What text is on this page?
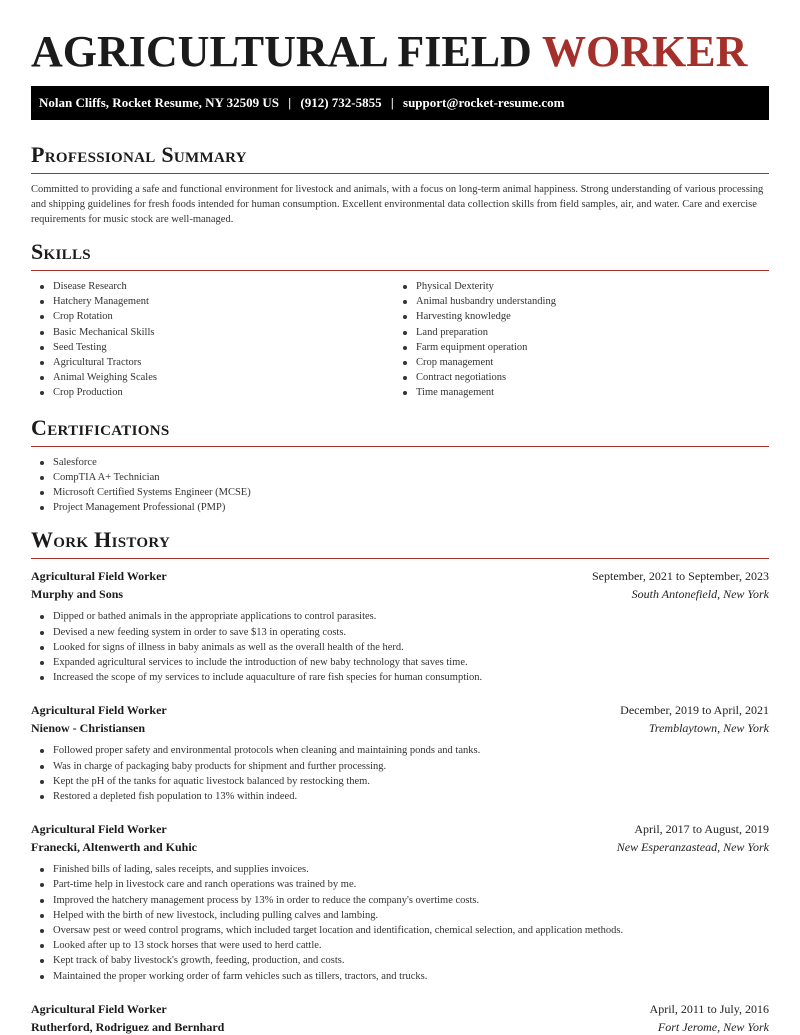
AGRICULTURAL FIELD WORKER
Nolan Cliffs, Rocket Resume, NY 32509 US | (912) 732-5855 | support@rocket-resume.com
Professional Summary

Committed to providing a safe and functional environment for livestock and animals, with a focus on long-term animal happiness. Strong understanding of various processing and shipping guidelines for fresh foods intended for human consumption. Excellent environmental data collection skills from field samples, air, and water. Care and exercise requirements for music stock are well-managed.

Skills
Disease Research
Hatchery Management
Crop Rotation
Basic Mechanical Skills
Seed Testing
Agricultural Tractors
Animal Weighing Scales
Crop Production
Physical Dexterity
Animal husbandry understanding
Harvesting knowledge
Land preparation
Farm equipment operation
Crop management
Contract negotiations
Time management
Certifications
Salesforce
CompTIA A+ Technician
Microsoft Certified Systems Engineer (MCSE)
Project Management Professional (PMP)
Work History
Agricultural Field Worker	September, 2021 to September, 2023
Murphy and Sons	South Antonefield, New York
Dipped or bathed animals in the appropriate applications to control parasites.
Devised a new feeding system in order to save $13 in operating costs.
Looked for signs of illness in baby animals as well as the overall health of the herd.
Expanded agricultural services to include the introduction of new baby technology that saves time.
Increased the scope of my services to include aquaculture of rare fish species for human consumption.
Agricultural Field Worker	December, 2019 to April, 2021
Nienow - Christiansen	Tremblaytown, New York
Followed proper safety and environmental protocols when cleaning and maintaining ponds and tanks.
Was in charge of packaging baby products for shipment and further processing.
Kept the pH of the tanks for aquatic livestock balanced by restocking them.
Restored a depleted fish population to 13% within indeed.
Agricultural Field Worker	April, 2017 to August, 2019
Franecki, Altenwerth and Kuhic	New Esperanzastead, New York
Finished bills of lading, sales receipts, and supplies invoices.
Part-time help in livestock care and ranch operations was trained by me.
Improved the hatchery management process by 13% in order to reduce the company's overtime costs.
Helped with the birth of new livestock, including pulling calves and lambing.
Oversaw pest or weed control programs, which included target location and identification, chemical selection, and application methods.
Looked after up to 13 stock horses that were used to herd cattle.
Kept track of baby livestock's growth, feeding, production, and costs.
Maintained the proper working order of farm vehicles such as tillers, tractors, and trucks.
Agricultural Field Worker	April, 2011 to July, 2016
Rutherford, Rodriguez and Bernhard	Fort Jerome, New York
